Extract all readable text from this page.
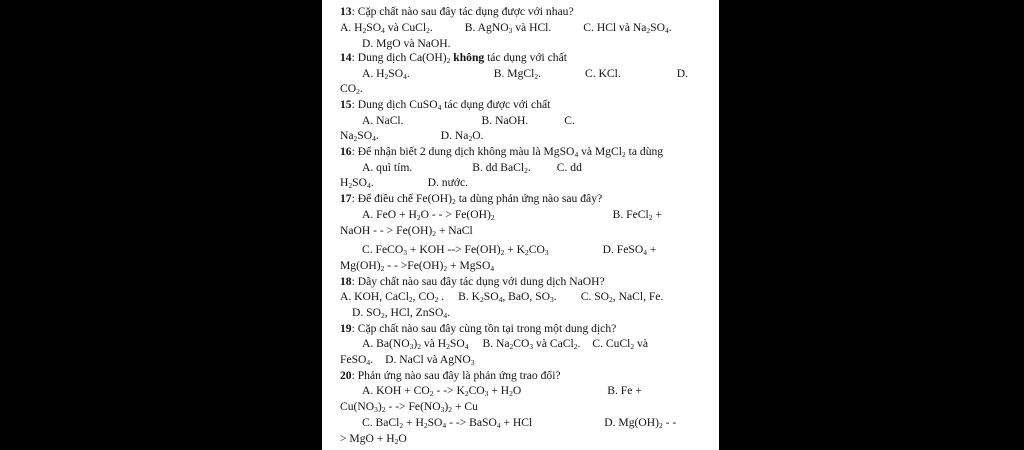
13: Cặp chất nào sau đây tác dụng được với nhau?
A. $H_2SO_4$ và CuCl$_2$.	B. AgNO$_3$ và HCl.	C. HCl và $Na_2SO_4$.
D. MgO và NaOH.
14: Dung dịch $Ca(OH)_2$ không tác dụng với chất
A. $H_2SO_4$.	B. MgCl$_2$.	C. KCl.	D.
$CO_2$.
15: Dung dịch CuSO$_4$ tác dụng được với chất
A. NaCl.	B. NaOH.	C.
$Na_2SO_4$.	D. $Na_2O$.
16: Để nhận biết 2 dung dịch không màu là MgSO$_4$ và MgCl$_2$ ta dùng
A. quì tím.	B. dd BaCl$_2$. C. dd
$H_2SO_4$.	D. nước.
17: Để điều chế $Fe(OH)_2$ ta dùng phản ứng nào sau đây?
A. FeO + $H_2O$ - - > $Fe(OH)_2$	B. FeCl$_2$ +
NaOH - - > $Fe(OH)_2$ + NaCl
C. FeCO$_3$ + KOH --> $Fe(OH)_2 + K_2CO_3$	D. FeSO$_4$ +
$Mg(OH)_2$ - - $>Fe(OH)_2$ + MgSO$_4$
18: Dãy chất nào sau đây tác dụng với dung dịch NaOH?
A. KOH, CaCl$_2$, $CO_2$ . B. $K_2SO_4$, BaO, $SO_3$. C. $SO_2$, NaCl, Fe.
D. $SO_2$, HCl, ZnSO$_4$.
19: Cặp chất nào sau đây cùng tồn tại trong một dung dịch?
A. $Ba(NO_3)_2$ và $H_2SO_4$ B. $Na_2CO_3$ và CaCl$_2$. C. CuCl$_2$ và
FeSO$_4$. D. NaCl và AgNO$_3$
20: Phản ứng nào sau đây là phản ứng trao đổi?
A. KOH + $CO_2$ - -> $K_2CO_3 + H_2O$	B. Fe +
$Cu(NO_3)_2$ - -> $Fe(NO_3)_2 + Cu$
C. BaCl$_2$ + $H_2SO_4$ - -> BaSO$_4$ + HCl	D. $Mg(OH)_2$ - -
> MgO + $H_2O$
